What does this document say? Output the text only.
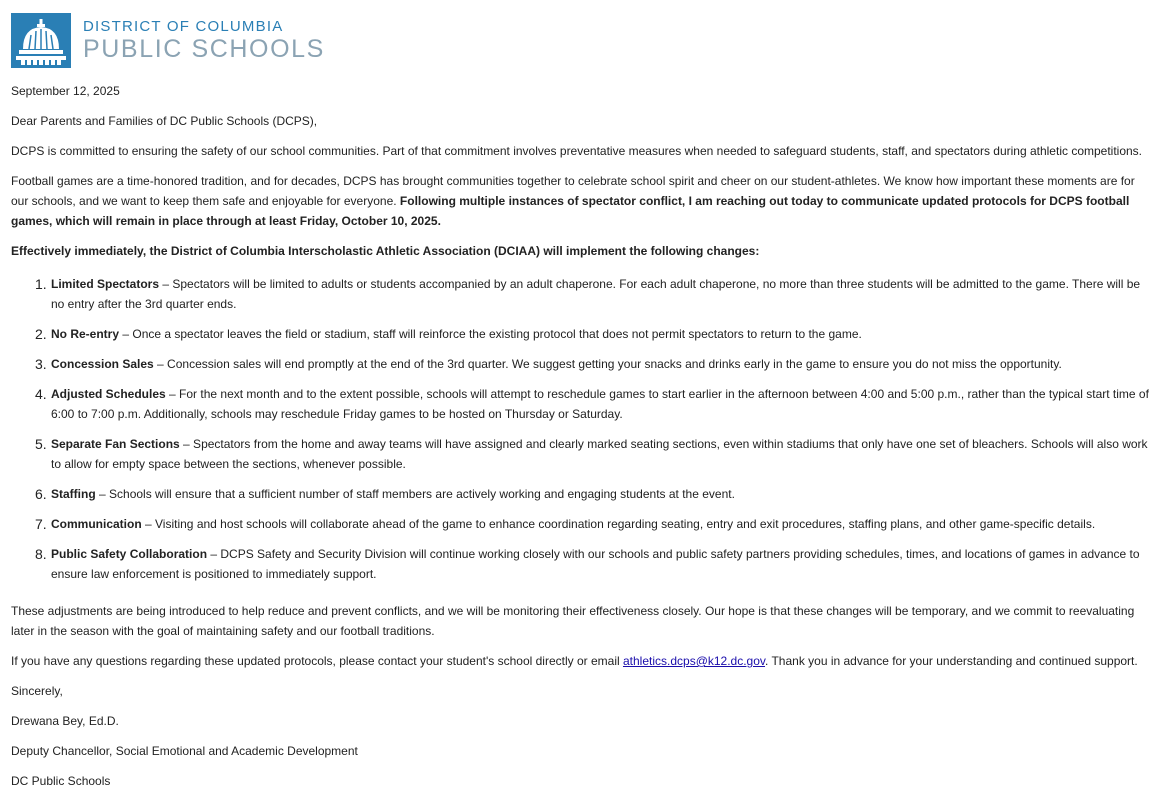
DISTRICT OF COLUMBIA
PUBLIC SCHOOLS

September 12, 2025

Dear Parents and Families of DC Public Schools (DCPS),

DCPS is committed to ensuring the safety of our school communities. Part of that commitment involves preventative measures when needed to safeguard students, staff, and spectators during athletic competitions.

Football games are a time-honored tradition, and for decades, DCPS has brought communities together to celebrate school spirit and cheer on our student-athletes. We know how important these moments are for our schools, and we want to keep them safe and enjoyable for everyone. Following multiple instances of spectator conflict, I am reaching out today to communicate updated protocols for DCPS football games, which will remain in place through at least Friday, October 10, 2025.

Effectively immediately, the District of Columbia Interscholastic Athletic Association (DCIAA) will implement the following changes:

1. Limited Spectators – Spectators will be limited to adults or students accompanied by an adult chaperone. For each adult chaperone, no more than three students will be admitted to the game. There will be no entry after the 3rd quarter ends.
2. No Re-entry – Once a spectator leaves the field or stadium, staff will reinforce the existing protocol that does not permit spectators to return to the game.
3. Concession Sales – Concession sales will end promptly at the end of the 3rd quarter. We suggest getting your snacks and drinks early in the game to ensure you do not miss the opportunity.
4. Adjusted Schedules – For the next month and to the extent possible, schools will attempt to reschedule games to start earlier in the afternoon between 4:00 and 5:00 p.m., rather than the typical start time of 6:00 to 7:00 p.m. Additionally, schools may reschedule Friday games to be hosted on Thursday or Saturday.
5. Separate Fan Sections – Spectators from the home and away teams will have assigned and clearly marked seating sections, even within stadiums that only have one set of bleachers. Schools will also work to allow for empty space between the sections, whenever possible.
6. Staffing – Schools will ensure that a sufficient number of staff members are actively working and engaging students at the event.
7. Communication – Visiting and host schools will collaborate ahead of the game to enhance coordination regarding seating, entry and exit procedures, staffing plans, and other game-specific details.
8. Public Safety Collaboration – DCPS Safety and Security Division will continue working closely with our schools and public safety partners providing schedules, times, and locations of games in advance to ensure law enforcement is positioned to immediately support.

These adjustments are being introduced to help reduce and prevent conflicts, and we will be monitoring their effectiveness closely. Our hope is that these changes will be temporary, and we commit to reevaluating later in the season with the goal of maintaining safety and our football traditions.

If you have any questions regarding these updated protocols, please contact your student's school directly or email athletics.dcps@k12.dc.gov. Thank you in advance for your understanding and continued support.

Sincerely,

Drewana Bey, Ed.D.

Deputy Chancellor, Social Emotional and Academic Development

DC Public Schools
